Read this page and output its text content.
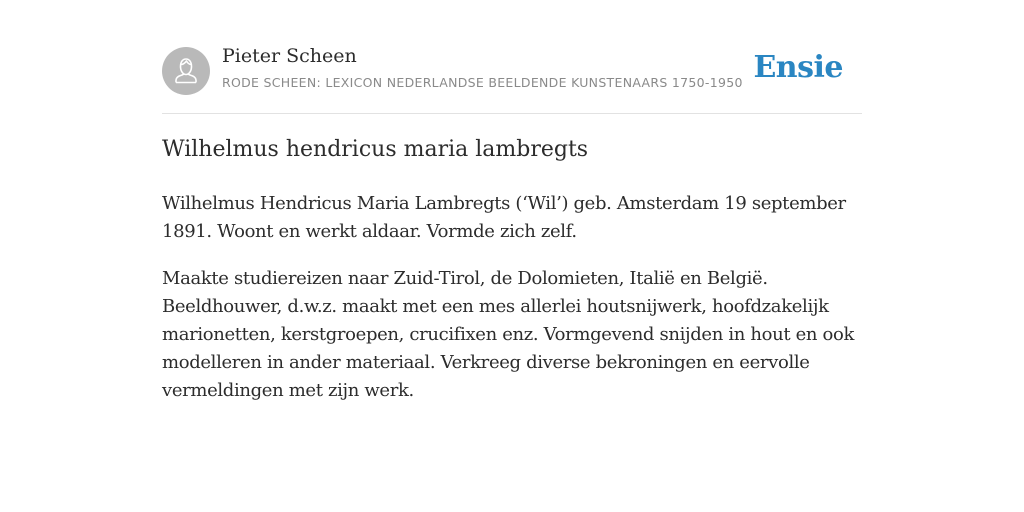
Pieter Scheen
RODE SCHEEN: LEXICON NEDERLANDSE BEELDENDE KUNSTENAARS 1750-1950 Ensie
Wilhelmus hendricus maria lambregts

Wilhelmus Hendricus Maria Lambregts (‘Wil’) geb. Amsterdam 19 september 1891. Woont en werkt aldaar. Vormde zich zelf.

Maakte studiereizen naar Zuid-Tirol, de Dolomieten, Italië en België. Beeldhouwer, d.w.z. maakt met een mes allerlei houtsnijwerk, hoofdzakelijk marionetten, kerstgroepen, crucifixen enz. Vormgevend snijden in hout en ook modelleren in ander materiaal. Verkreeg diverse bekroningen en eervolle vermeldingen met zijn werk.
